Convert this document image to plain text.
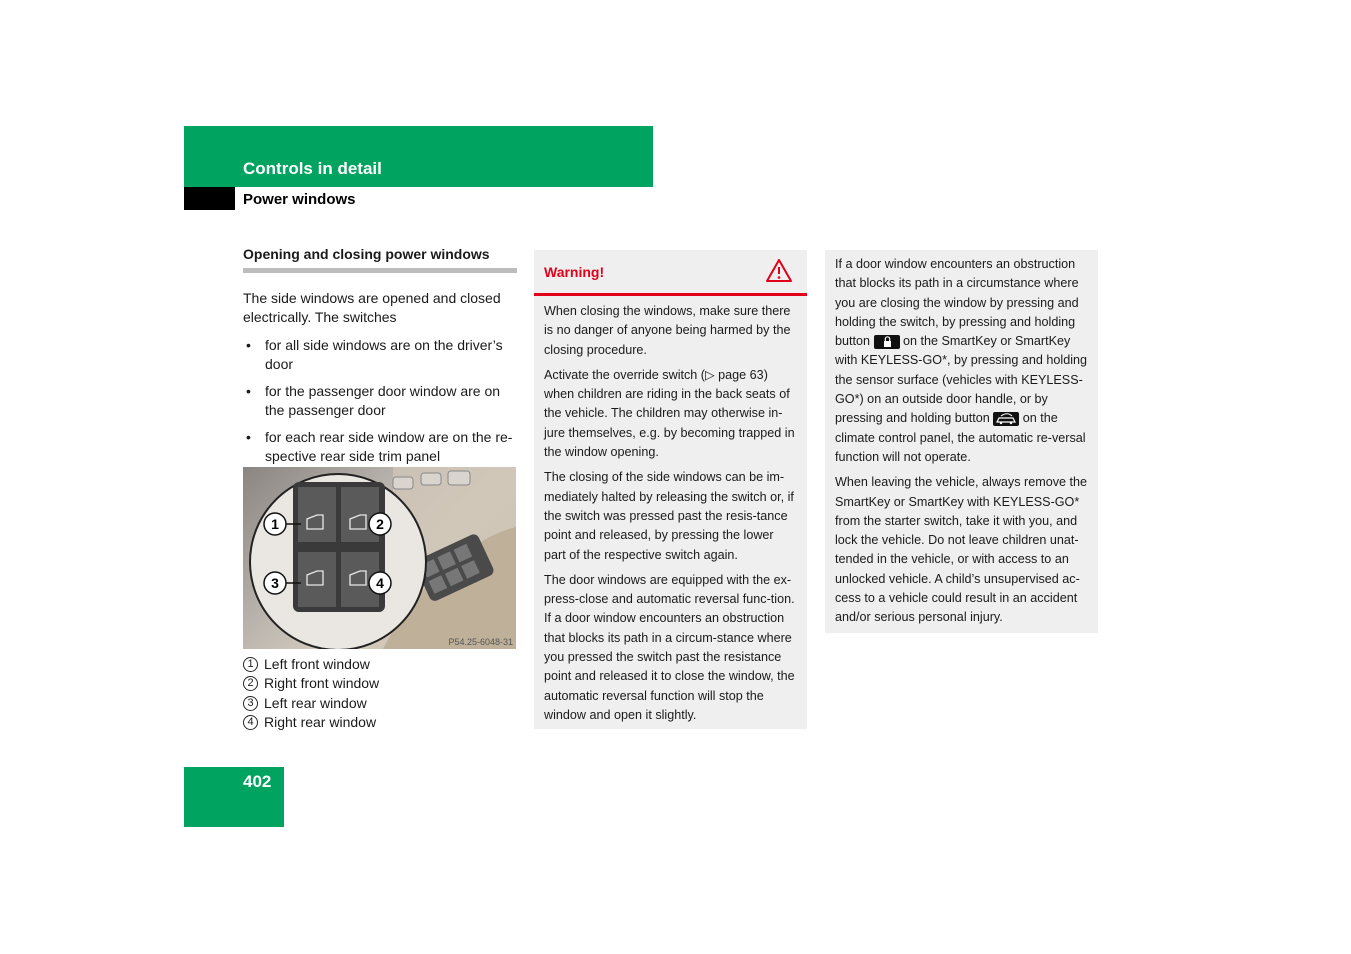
Controls in detail
Power windows
Opening and closing power windows

The side windows are opened and closed electrically. The switches

• for all side windows are on the driver’s door
• for the passenger door window are on the passenger door
• for each rear side window are on the re-spective rear side trim panel
1	2
3	4
P54.25-6048-31
1 Left front window
2 Right front window
3 Left rear window
4 Right rear window
Warning!

When closing the windows, make sure there is no danger of anyone being harmed by the closing procedure.

Activate the override switch (▷ page 63) when children are riding in the back seats of the vehicle. The children may otherwise in-jure themselves, e.g. by becoming trapped in the window opening.

The closing of the side windows can be im-mediately halted by releasing the switch or, if the switch was pressed past the resis-tance point and released, by pressing the lower part of the respective switch again.

The door windows are equipped with the ex-press-close and automatic reversal func-tion. If a door window encounters an obstruction that blocks its path in a circum-stance where you pressed the switch past the resistance point and released it to close the window, the automatic reversal function will stop the window and open it slightly.

If a door window encounters an obstruction that blocks its path in a circumstance where you are closing the window by pressing and holding the switch, by pressing and holding button	on the SmartKey or SmartKey with KEYLESS-GO*, by pressing and holding the sensor surface (vehicles with KEYLESS-GO*) on an outside door handle, or by pressing and holding button	on the climate control panel, the automatic re-versal function will not operate.

When leaving the vehicle, always remove the SmartKey or SmartKey with KEYLESS-GO* from the starter switch, take it with you, and lock the vehicle. Do not leave children unat-tended in the vehicle, or with access to an unlocked vehicle. A child’s unsupervised ac-cess to a vehicle could result in an accident and/or serious personal injury.

402
